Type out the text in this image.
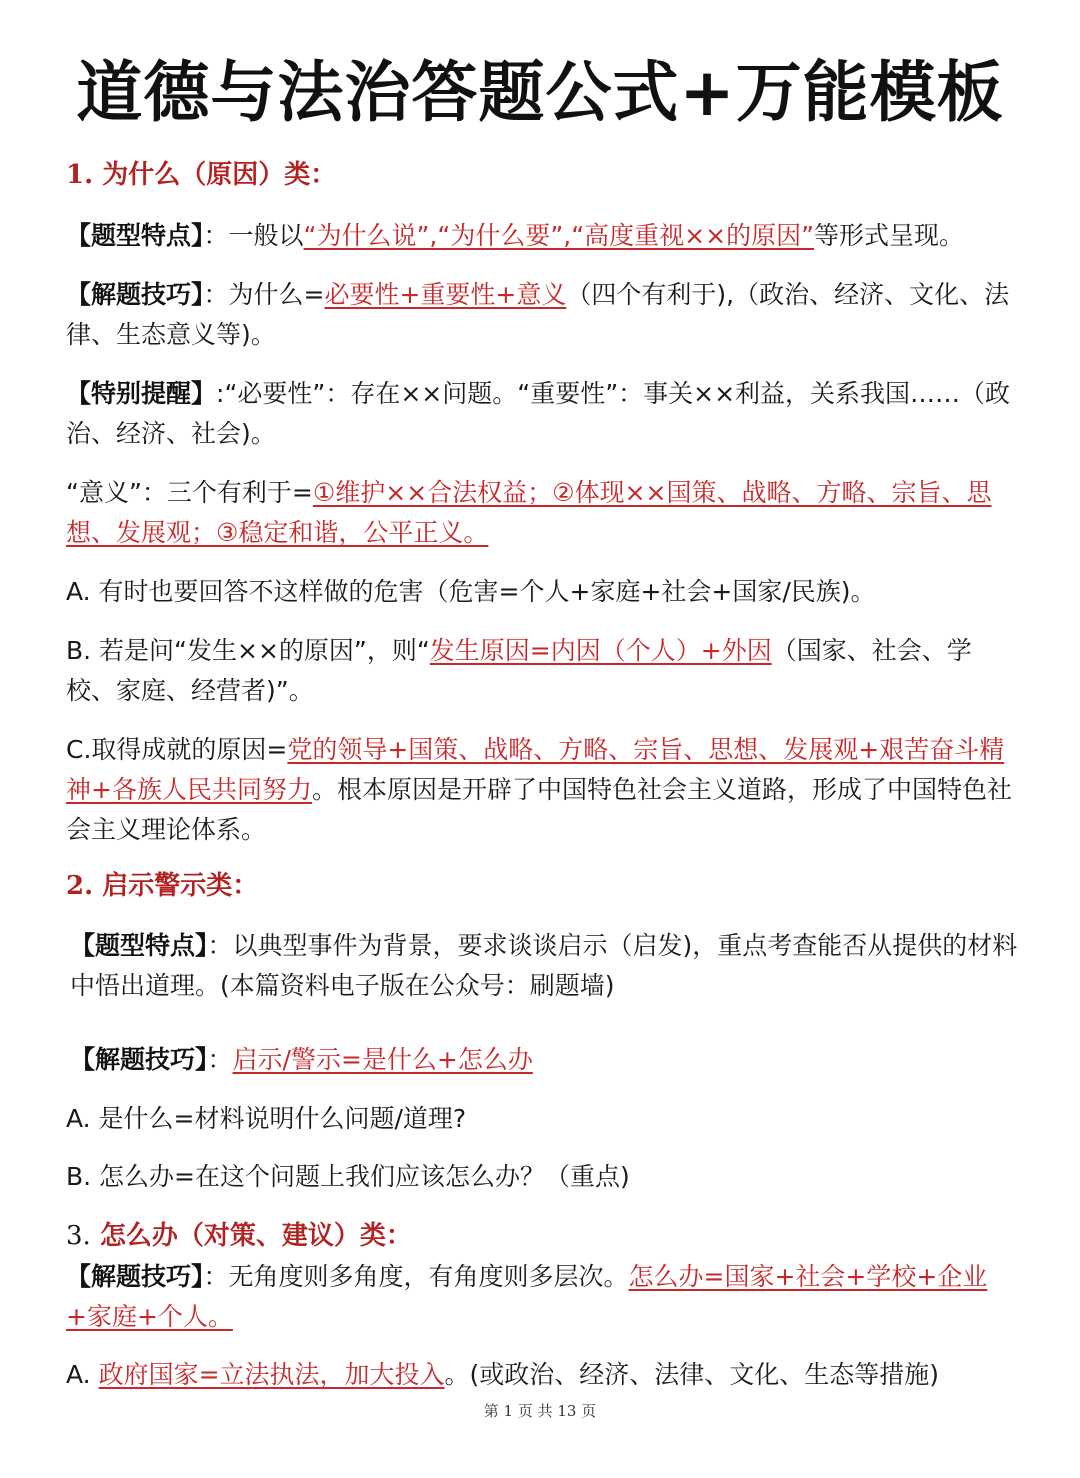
道德与法治答题公式+万能模板
1. 为什么（原因）类：
【题型特点】：一般以“为什么说”,“为什么要”,“高度重视××的原因”等形式呈现。
【解题技巧】：为什么=必要性+重要性+意义（四个有利于),（政治、经济、文化、法律、生态意义等)。
【特别提醒】:“必要性”：存在××问题。“重要性”：事关××利益，关系我国……（政治、经济、社会)。
“意义”：三个有利于=①维护××合法权益；②体现××国策、战略、方略、宗旨、思想、发展观；③稳定和谐，公平正义。
A. 有时也要回答不这样做的危害（危害=个人+家庭+社会+国家/民族)。
B. 若是问“发生××的原因”，则“发生原因=内因（个人）+外因（国家、社会、学校、家庭、经营者)”。
C.取得成就的原因=党的领导+国策、战略、方略、宗旨、思想、发展观+艰苦奋斗精神+各族人民共同努力。根本原因是开辟了中国特色社会主义道路，形成了中国特色社会主义理论体系。
2. 启示警示类：
【题型特点】：以典型事件为背景，要求谈谈启示（启发)，重点考查能否从提供的材料中悟出道理。(本篇资料电子版在公众号：刷题墙)
【解题技巧】：启示/警示=是什么+怎么办
A. 是什么=材料说明什么问题/道理?
B. 怎么办=在这个问题上我们应该怎么办？（重点)
3. 怎么办（对策、建议）类：
【解题技巧】：无角度则多角度，有角度则多层次。怎么办=国家+社会+学校+企业+家庭+个人。
A. 政府国家=立法执法，加大投入。(或政治、经济、法律、文化、生态等措施)
第 1 页 共 13 页
